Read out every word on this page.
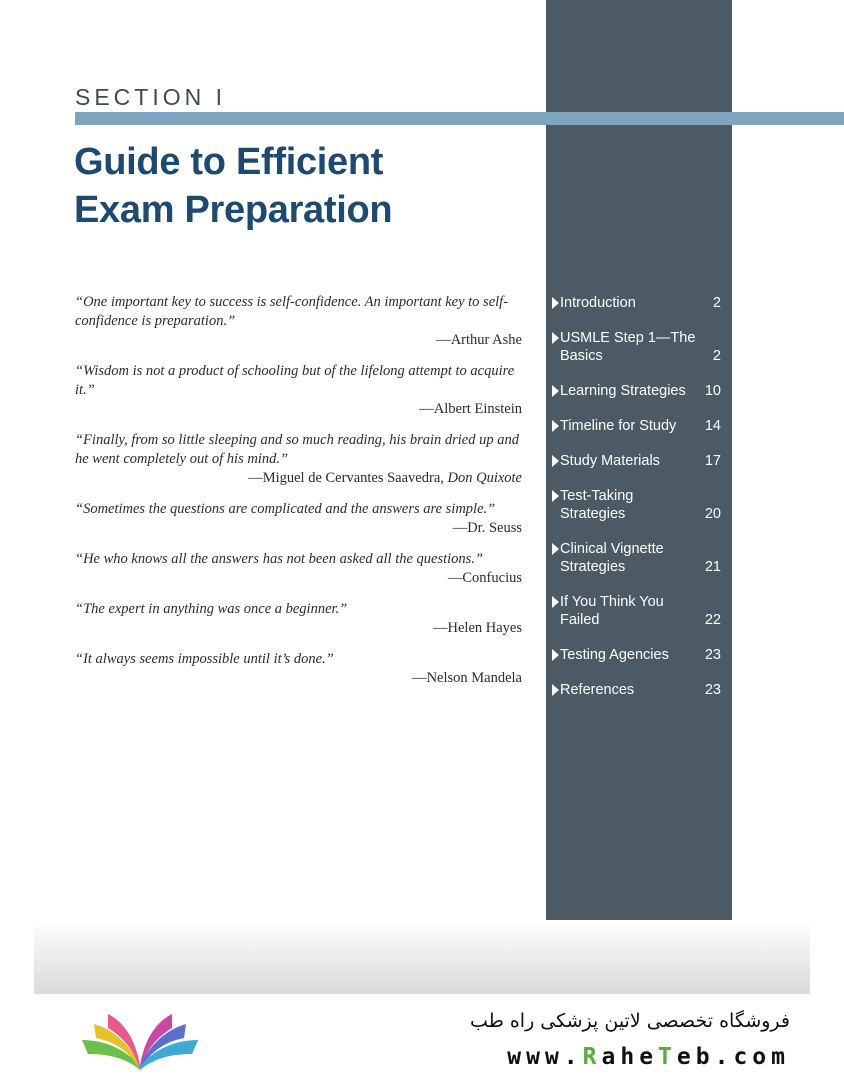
SECTION I
Guide to Efficient
Exam Preparation

“One important key to success is self-confidence. An important key to self-confidence is preparation.”

—Arthur Ashe

“Wisdom is not a product of schooling but of the lifelong attempt to acquire it.”

—Albert Einstein

“Finally, from so little sleeping and so much reading, his brain dried up and he went completely out of his mind.”

—Miguel de Cervantes Saavedra, Don Quixote

“Sometimes the questions are complicated and the answers are simple.”

—Dr. Seuss

“He who knows all the answers has not been asked all the questions.”

—Confucius

“The expert in anything was once a beginner.”

—Helen Hayes

“It always seems impossible until it’s done.”

—Nelson Mandela

Introduction	2
USMLE Step 1—The Basics	2
Learning Strategies	10
Timeline for Study	14
Study Materials	17
Test-Taking Strategies	20
Clinical Vignette Strategies	21
If You Think You Failed	22
Testing Agencies	23
References	23
فروشگاه تخصصی لاتین پزشکی راه طب
www.RaheTeb.com
